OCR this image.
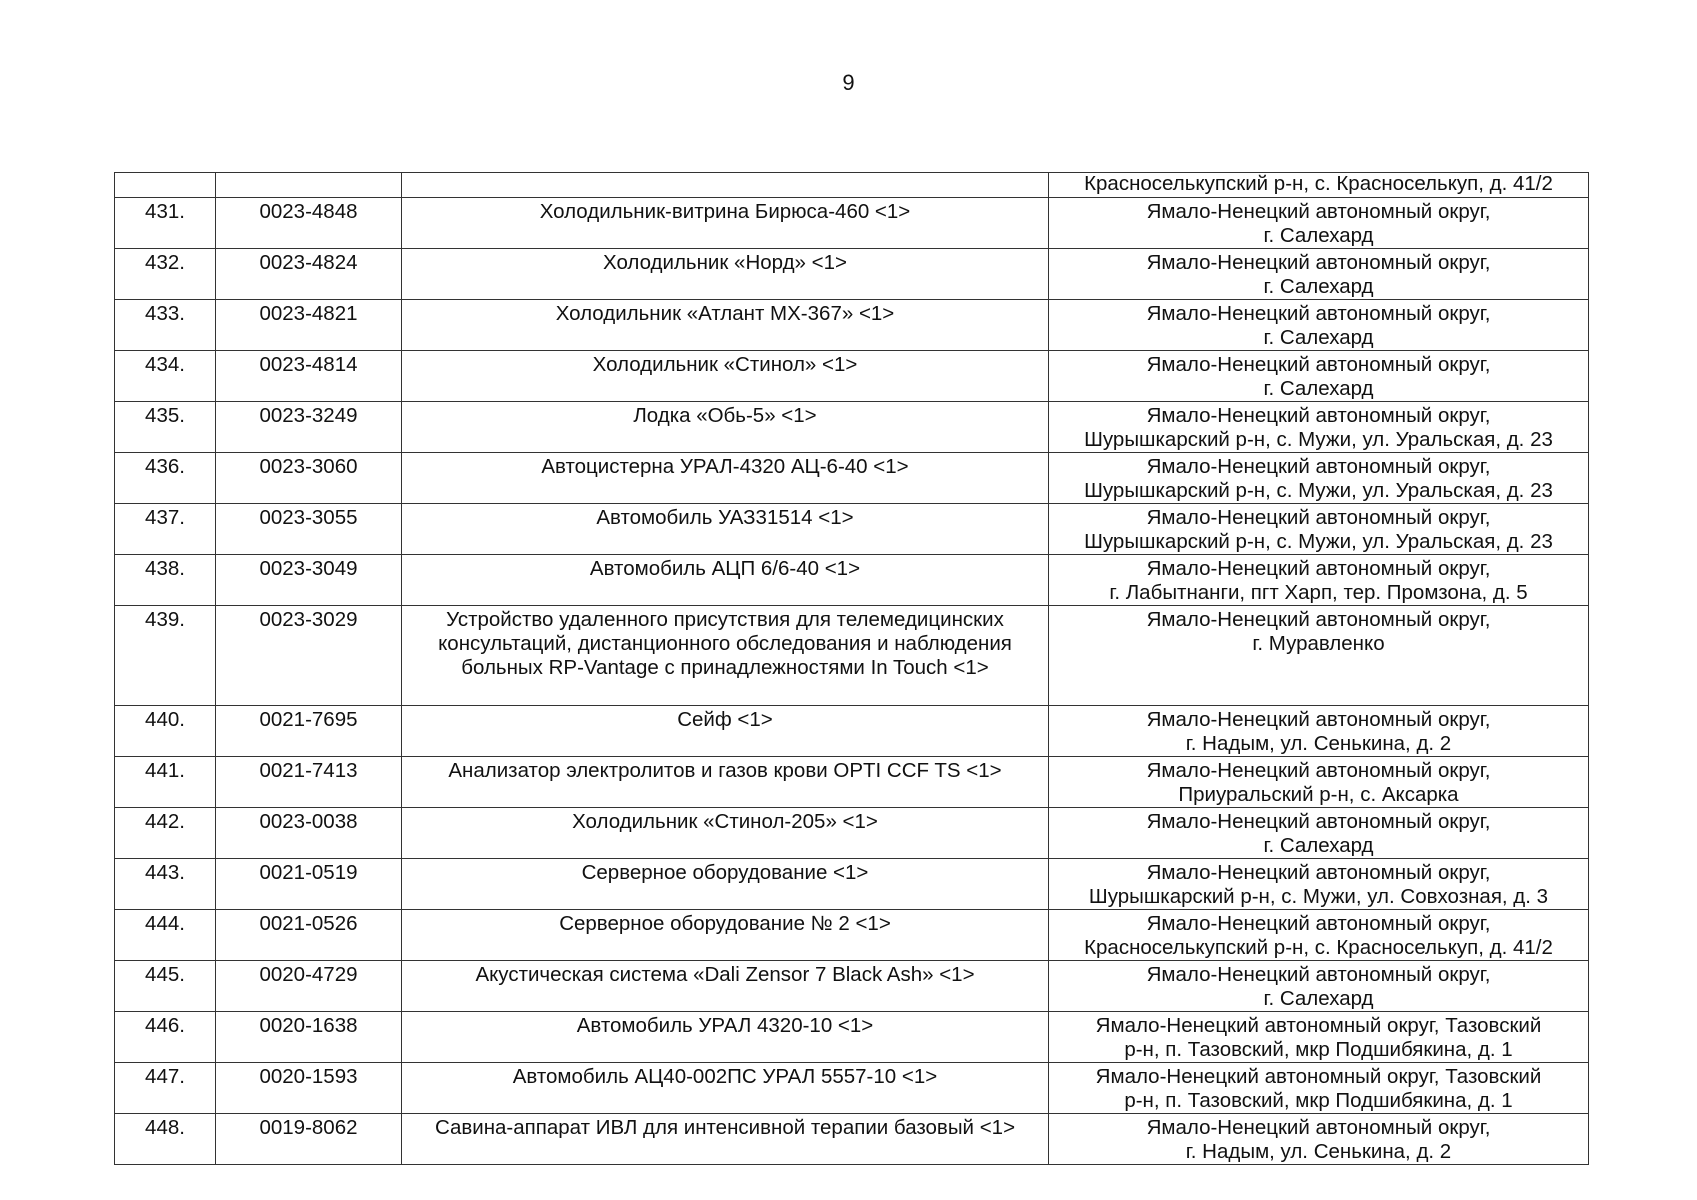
9

			Красноселькупский р-н, с. Красноселькуп, д. 41/2

431.	0023-4848	Холодильник-витрина Бирюса-460 <1>	Ямало-Ненецкий автономный округ,
г. Салехард

432.	0023-4824	Холодильник «Норд» <1>	Ямало-Ненецкий автономный округ,
г. Салехард

433.	0023-4821	Холодильник «Атлант МХ-367» <1>	Ямало-Ненецкий автономный округ,
г. Салехард

434.	0023-4814	Холодильник «Стинол» <1>	Ямало-Ненецкий автономный округ,
г. Салехард

435.	0023-3249	Лодка «Обь-5» <1>	Ямало-Ненецкий автономный округ,
Шурышкарский р-н, с. Мужи, ул. Уральская, д. 23

436.	0023-3060	Автоцистерна УРАЛ-4320 АЦ-6-40 <1>	Ямало-Ненецкий автономный округ,
Шурышкарский р-н, с. Мужи, ул. Уральская, д. 23

437.	0023-3055	Автомобиль УАЗ31514 <1>	Ямало-Ненецкий автономный округ,
Шурышкарский р-н, с. Мужи, ул. Уральская, д. 23

438.	0023-3049	Автомобиль АЦП 6/6-40 <1>	Ямало-Ненецкий автономный округ,
г. Лабытнанги, пгт Харп, тер. Промзона, д. 5

439.	0023-3029	Устройство удаленного присутствия для телемедицинских консультаций, дистанционного обследования и наблюдения больных RP-Vantage с принадлежностями In Touch <1>	Ямало-Ненецкий автономный округ,
г. Муравленко

440.	0021-7695	Сейф <1>	Ямало-Ненецкий автономный округ,
г. Надым, ул. Сенькина, д. 2

441.	0021-7413	Анализатор электролитов и газов крови OPTI CCF TS <1>	Ямало-Ненецкий автономный округ,
Приуральский р-н, с. Аксарка

442.	0023-0038	Холодильник «Стинол-205» <1>	Ямало-Ненецкий автономный округ,
г. Салехард

443.	0021-0519	Серверное оборудование <1>	Ямало-Ненецкий автономный округ,
Шурышкарский р-н, с. Мужи, ул. Совхозная, д. 3

444.	0021-0526	Серверное оборудование № 2 <1>	Ямало-Ненецкий автономный округ,
Красноселькупский р-н, с. Красноселькуп, д. 41/2

445.	0020-4729	Акустическая система «Dali Zensor 7 Black Ash» <1>	Ямало-Ненецкий автономный округ,
г. Салехард

446.	0020-1638	Автомобиль УРАЛ 4320-10 <1>	Ямало-Ненецкий автономный округ, Тазовский
р-н, п. Тазовский, мкр Подшибякина, д. 1

447.	0020-1593	Автомобиль АЦ40-002ПС УРАЛ 5557-10 <1>	Ямало-Ненецкий автономный округ, Тазовский
р-н, п. Тазовский, мкр Подшибякина, д. 1

448.	0019-8062	Савина-аппарат ИВЛ для интенсивной терапии базовый <1>	Ямало-Ненецкий автономный округ,
г. Надым, ул. Сенькина, д. 2
